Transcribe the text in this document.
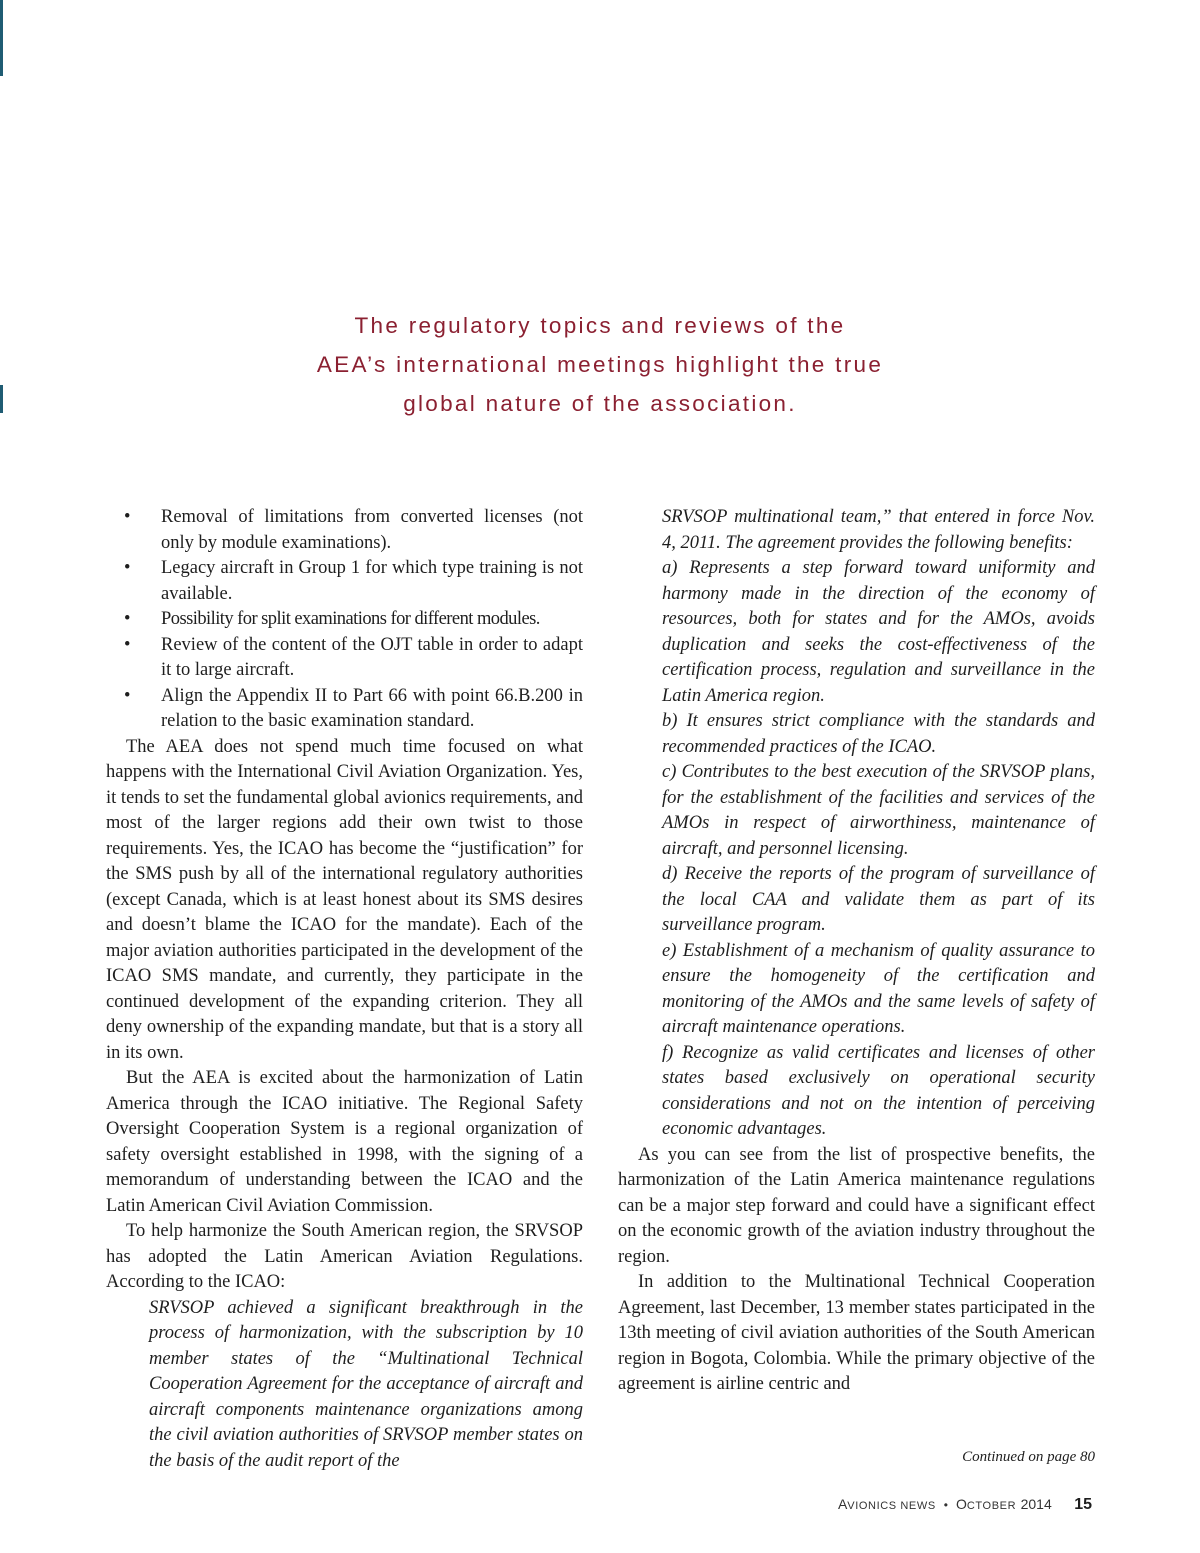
The regulatory topics and reviews of the
AEA’s international meetings highlight the true
global nature of the association.
• Removal of limitations from converted licenses (not only by module examinations).
• Legacy aircraft in Group 1 for which type training is not available.
• Possibility for split examinations for different modules.
• Review of the content of the OJT table in order to adapt it to large aircraft.
• Align the Appendix II to Part 66 with point 66.B.200 in relation to the basic examination standard.

The AEA does not spend much time focused on what happens with the International Civil Aviation Organization. Yes, it tends to set the fundamental global avionics requirements, and most of the larger regions add their own twist to those requirements. Yes, the ICAO has become the “justification” for the SMS push by all of the international regulatory authorities (except Canada, which is at least honest about its SMS desires and doesn’t blame the ICAO for the mandate). Each of the major aviation authorities participated in the development of the ICAO SMS mandate, and currently, they participate in the continued development of the expanding criterion. They all deny ownership of the expanding mandate, but that is a story all in its own.

But the AEA is excited about the harmonization of Latin America through the ICAO initiative. The Regional Safety Oversight Cooperation System is a regional organization of safety oversight established in 1998, with the signing of a memorandum of understanding between the ICAO and the Latin American Civil Aviation Commission.

To help harmonize the South American region, the SRVSOP has adopted the Latin American Aviation Regulations. According to the ICAO:

SRVSOP achieved a significant breakthrough in the process of harmonization, with the subscription by 10 member states of the “Multinational Technical Cooperation Agreement for the acceptance of aircraft and aircraft components maintenance organizations among the civil aviation authorities of SRVSOP member states on the basis of the audit report of the

SRVSOP multinational team,” that entered in force Nov. 4, 2011. The agreement provides the following benefits:

a) Represents a step forward toward uniformity and harmony made in the direction of the economy of resources, both for states and for the AMOs, avoids duplication and seeks the cost-effectiveness of the certification process, regulation and surveillance in the Latin America region.

b) It ensures strict compliance with the standards and recommended practices of the ICAO.

c) Contributes to the best execution of the SRVSOP plans, for the establishment of the facilities and services of the AMOs in respect of airworthiness, maintenance of aircraft, and personnel licensing.

d) Receive the reports of the program of surveillance of the local CAA and validate them as part of its surveillance program.

e) Establishment of a mechanism of quality assurance to ensure the homogeneity of the certification and monitoring of the AMOs and the same levels of safety of aircraft maintenance operations.

f) Recognize as valid certificates and licenses of other states based exclusively on operational security considerations and not on the intention of perceiving economic advantages.

As you can see from the list of prospective benefits, the harmonization of the Latin America maintenance regulations can be a major step forward and could have a significant effect on the economic growth of the aviation industry throughout the region.

In addition to the Multinational Technical Cooperation Agreement, last December, 13 member states participated in the 13th meeting of civil aviation authorities of the South American region in Bogota, Colombia. While the primary objective of the agreement is airline centric and

Continued on page 80
AVIONICS NEWS • OCTOBER 2014 15
